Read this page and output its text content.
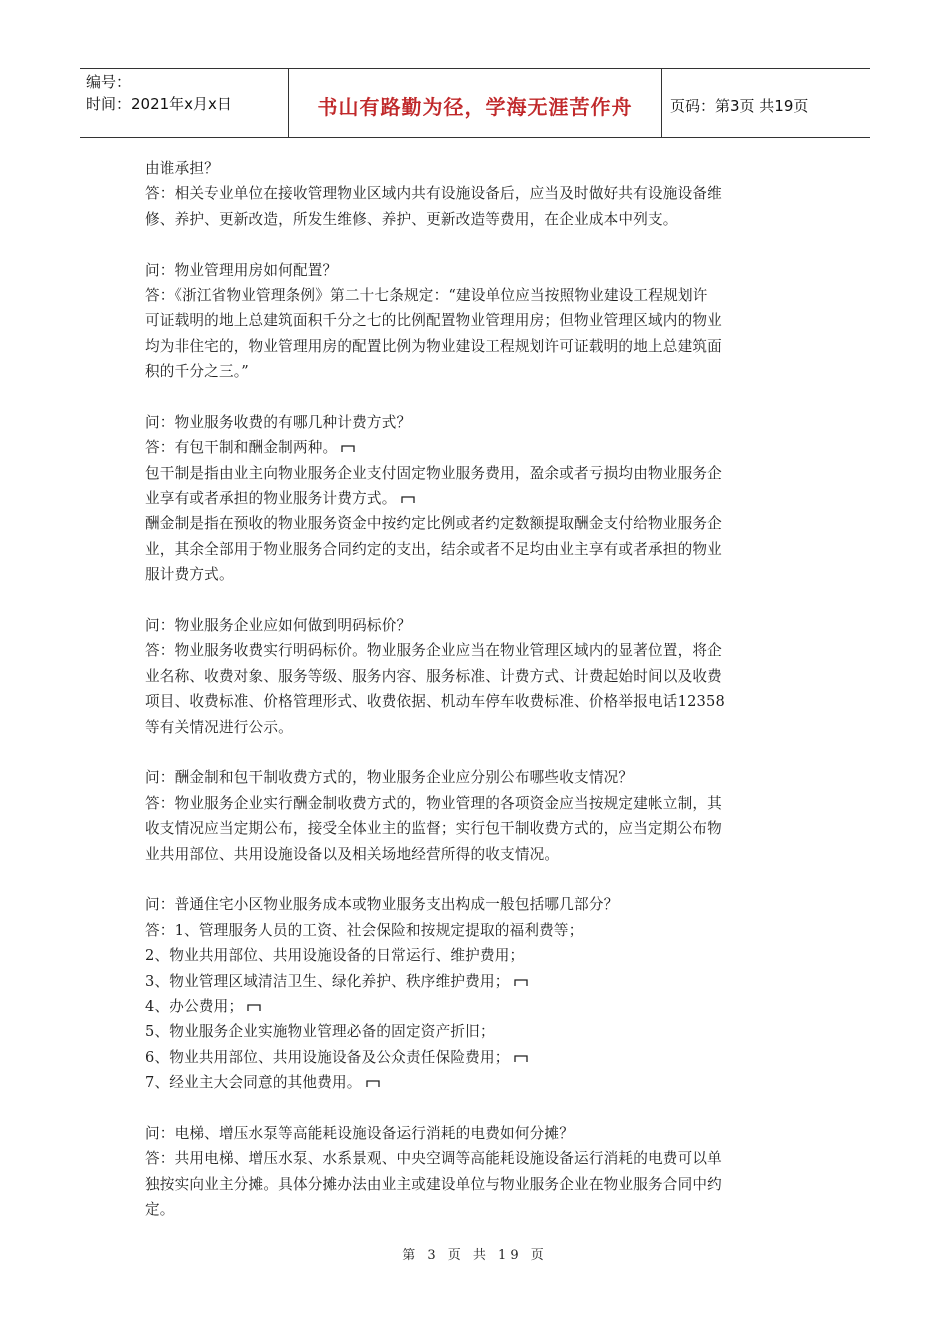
编号：
时间：2021年x月x日	书山有路勤为径，学海无涯苦作舟	页码：第3页 共19页
由谁承担？
答：相关专业单位在接收管理物业区域内共有设施设备后，应当及时做好共有设施设备维
修、养护、更新改造，所发生维修、养护、更新改造等费用，在企业成本中列支。
问：物业管理用房如何配置？
答：《浙江省物业管理条例》第二十七条规定：“建设单位应当按照物业建设工程规划许
可证载明的地上总建筑面积千分之七的比例配置物业管理用房；但物业管理区域内的物业
均为非住宅的，物业管理用房的配置比例为物业建设工程规划许可证载明的地上总建筑面
积的千分之三。”
问：物业服务收费的有哪几种计费方式？
答：有包干制和酬金制两种。
包干制是指由业主向物业服务企业支付固定物业服务费用，盈余或者亏损均由物业服务企
业享有或者承担的物业服务计费方式。
酬金制是指在预收的物业服务资金中按约定比例或者约定数额提取酬金支付给物业服务企
业，其余全部用于物业服务合同约定的支出，结余或者不足均由业主享有或者承担的物业
服计费方式。
问：物业服务企业应如何做到明码标价？
答：物业服务收费实行明码标价。物业服务企业应当在物业管理区域内的显著位置，将企
业名称、收费对象、服务等级、服务内容、服务标准、计费方式、计费起始时间以及收费
项目、收费标准、价格管理形式、收费依据、机动车停车收费标准、价格举报电话12358
等有关情况进行公示。
问：酬金制和包干制收费方式的，物业服务企业应分别公布哪些收支情况？
答：物业服务企业实行酬金制收费方式的，物业管理的各项资金应当按规定建帐立制，其
收支情况应当定期公布，接受全体业主的监督；实行包干制收费方式的，应当定期公布物
业共用部位、共用设施设备以及相关场地经营所得的收支情况。
问：普通住宅小区物业服务成本或物业服务支出构成一般包括哪几部分？
答：1、管理服务人员的工资、社会保险和按规定提取的福利费等；
2、物业共用部位、共用设施设备的日常运行、维护费用；
3、物业管理区域清洁卫生、绿化养护、秩序维护费用；
4、办公费用；
5、物业服务企业实施物业管理必备的固定资产折旧；
6、物业共用部位、共用设施设备及公众责任保险费用；
7、经业主大会同意的其他费用。
问：电梯、增压水泵等高能耗设施设备运行消耗的电费如何分摊？
答：共用电梯、增压水泵、水系景观、中央空调等高能耗设施设备运行消耗的电费可以单
独按实向业主分摊。具体分摊办法由业主或建设单位与物业服务企业在物业服务合同中约
定。
第 3 页 共 19 页
